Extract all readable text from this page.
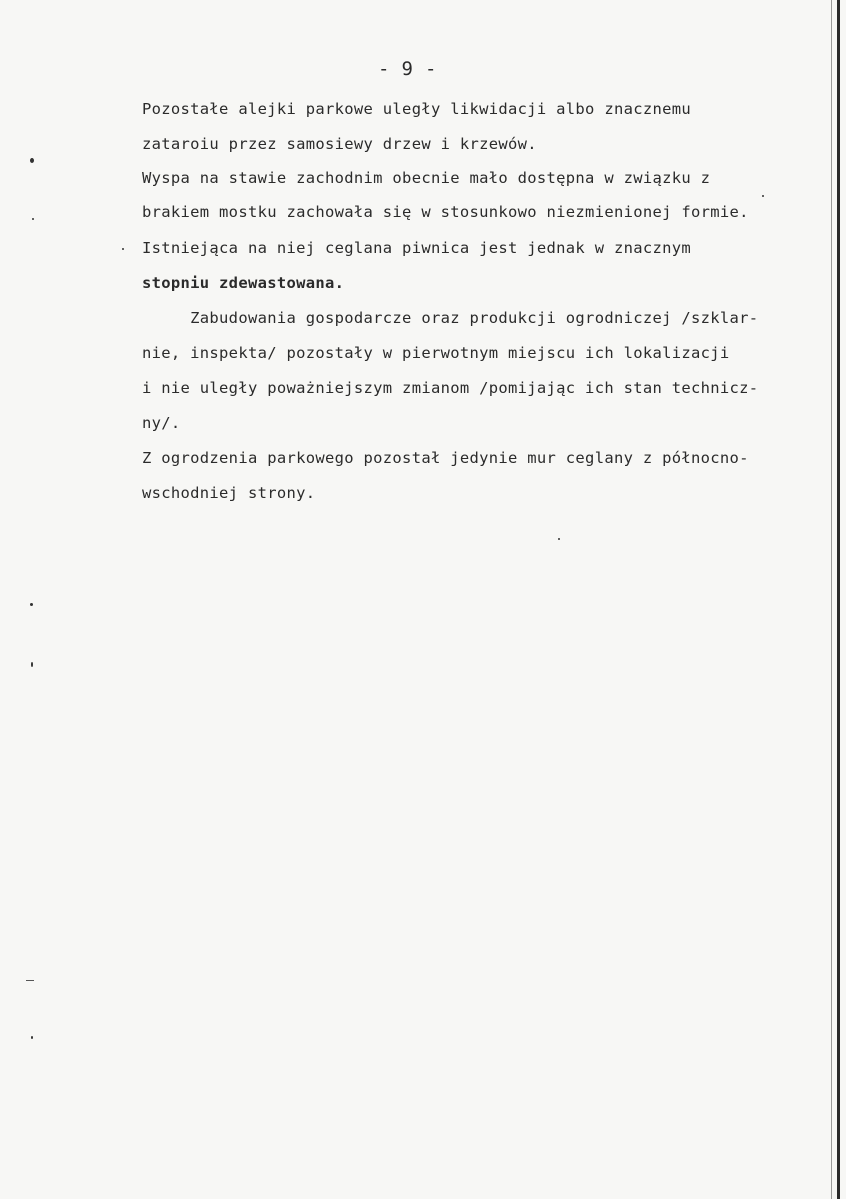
- 9 -
Pozostałe alejki parkowe uległy likwidacji albo znacznemu
zataroiu przez samosiewy drzew i krzewów.
Wyspa na stawie zachodnim obecnie mało dostępna w związku z
brakiem mostku zachowała się w stosunkowo niezmienionej formie.
Istniejąca na niej ceglana piwnica jest jednak w znacznym
stopniu zdewastowana.
Zabudowania gospodarcze oraz produkcji ogrodniczej /szklar-
nie, inspekta/ pozostały w pierwotnym miejscu ich lokalizacji
i nie uległy poważniejszym zmianom /pomijając ich stan technicz-
ny/.
Z ogrodzenia parkowego pozostał jedynie mur ceglany z północno-
wschodniej strony.
